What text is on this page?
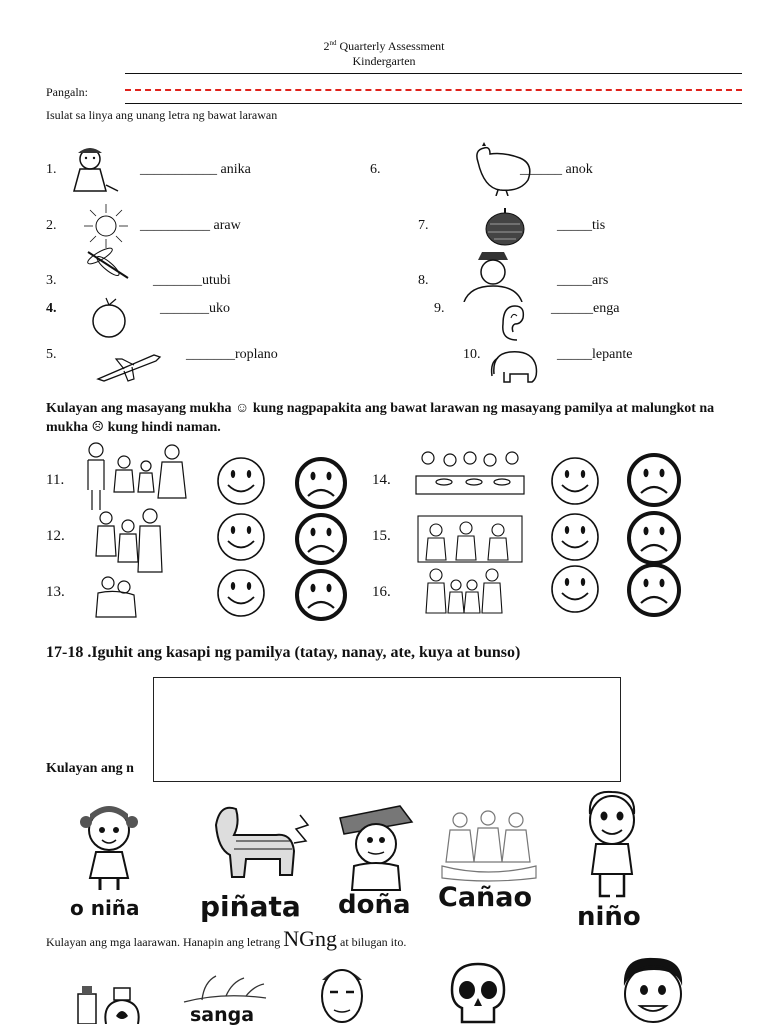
2nd Quarterly Assessment
Kindergarten
Pangaln:
Isulat sa linya ang unang letra ng bawat larawan
1.	___________ anika
2.	__________ araw
3.	_______utubi
4.	_______uko
5.	_______roplano
6.	______ anok
7.	_____tis
8.	_____ars
9.	______enga
10.	_____lepante
Kulayan ang masayang mukha ☺ kung nagpapakita ang bawat larawan ng masayang pamilya at malungkot na mukha ☹ kung hindi naman.
11.
12.
13.
14.
15.
16.
17-18 .Iguhit ang kasapi ng pamilya (tatay, nanay, ate, kuya at bunso)
Kulayan ang n
o niña piñata doña Cañao
niño
Kulayan ang mga laarawan. Hanapin ang letrang NGng at bilugan ito.
sanga
